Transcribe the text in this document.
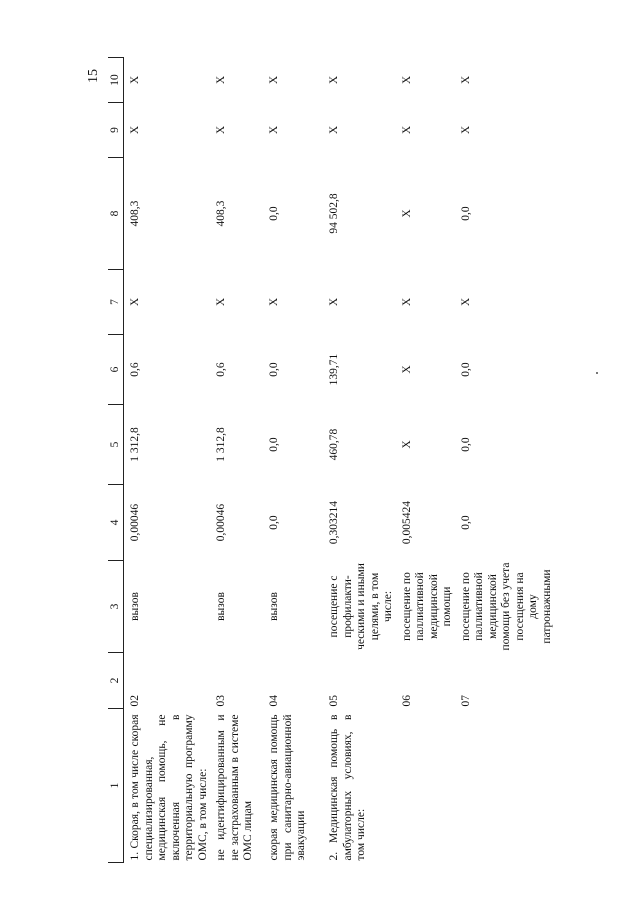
15
1	2	3	4	5	6	7	8	9	10
1. Скорая, в том числе скорая специализированная, медицинская помощь, не включенная в территориальную программу ОМС, в том числе:	02	вызов	0,00046	1 312,8	0,6	X	408,3	X	X
не идентифицированным и не застрахованным в системе ОМС лицам	03	вызов	0,00046	1 312,8	0,6	X	408,3	X	X
скорая медицинская помощь при санитарно-авиационной эвакуации	04	вызов	0,0	0,0	0,0	X	0,0	X	X
2. Медицинская помощь в амбулаторных условиях, в том числе:	05	посещение с профилакти-ческими и иными целями, в том числе:	0,303214	460,78	139,71	X	94 502,8	X	X
	06	посещение по паллиативной медицинской помощи	0,005424	X	X	X	X	X	X
	07	посещение по паллиативной медицинской помощи без учета посещения на дому патронажными	0,0	0,0	0,0	X	0,0	X	X
